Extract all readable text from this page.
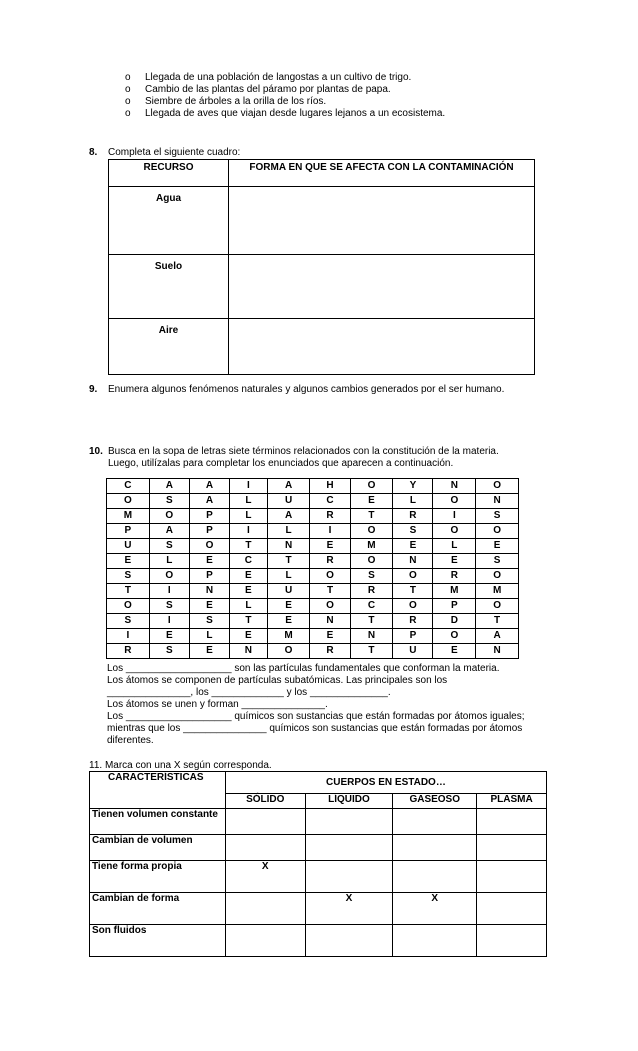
o Llegada de una población de langostas a un cultivo de trigo.
o Cambio de las plantas del páramo por plantas de papa.
o Siembre de árboles a la orilla de los ríos.
o Llegada de aves que viajan desde lugares lejanos a un ecosistema.
8. Completa el siguiente cuadro:
RECURSO	FORMA EN QUE SE AFECTA CON LA CONTAMINACIÓN
Agua	
Suelo	
Aire	
9. Enumera algunos fenómenos naturales y algunos cambios generados por el ser humano.
10. Busca en la sopa de letras siete términos relacionados con la constitución de la materia.
Luego, utilízalas para completar los enunciados que aparecen a continuación.
C	A	A	I	A	H	O	Y	N	O
O	S	A	L	U	C	E	L	O	N
M	O	P	L	A	R	T	R	I	S
P	A	P	I	L	I	O	S	O	O
U	S	O	T	N	E	M	E	L	E
E	L	E	C	T	R	O	N	E	S
S	O	P	E	L	O	S	O	R	O
T	I	N	E	U	T	R	T	M	M
O	S	E	L	E	O	C	O	P	O
S	I	S	T	E	N	T	R	D	T
I	E	L	E	M	E	N	P	O	A
R	S	E	N	O	R	T	U	E	N
Los ___________________ son las partículas fundamentales que conforman la materia.
Los átomos se componen de partículas subatómicas. Las principales son los
_______________, los _____________ y los ______________.
Los átomos se unen y forman _______________.
Los ___________________ químicos son sustancias que están formadas por átomos iguales;
mientras que los _______________ químicos son sustancias que están formadas por átomos
diferentes.
11. Marca con una X según corresponda.
CARACTERÍSTICAS	CUERPOS EN ESTADO…			
	SÓLIDO	LÍQUIDO	GASEOSO	PLASMA
Tienen volumen constante				
Cambian de volumen				
Tiene forma propia	X			
Cambian de forma		X	X	
Son fluidos				
